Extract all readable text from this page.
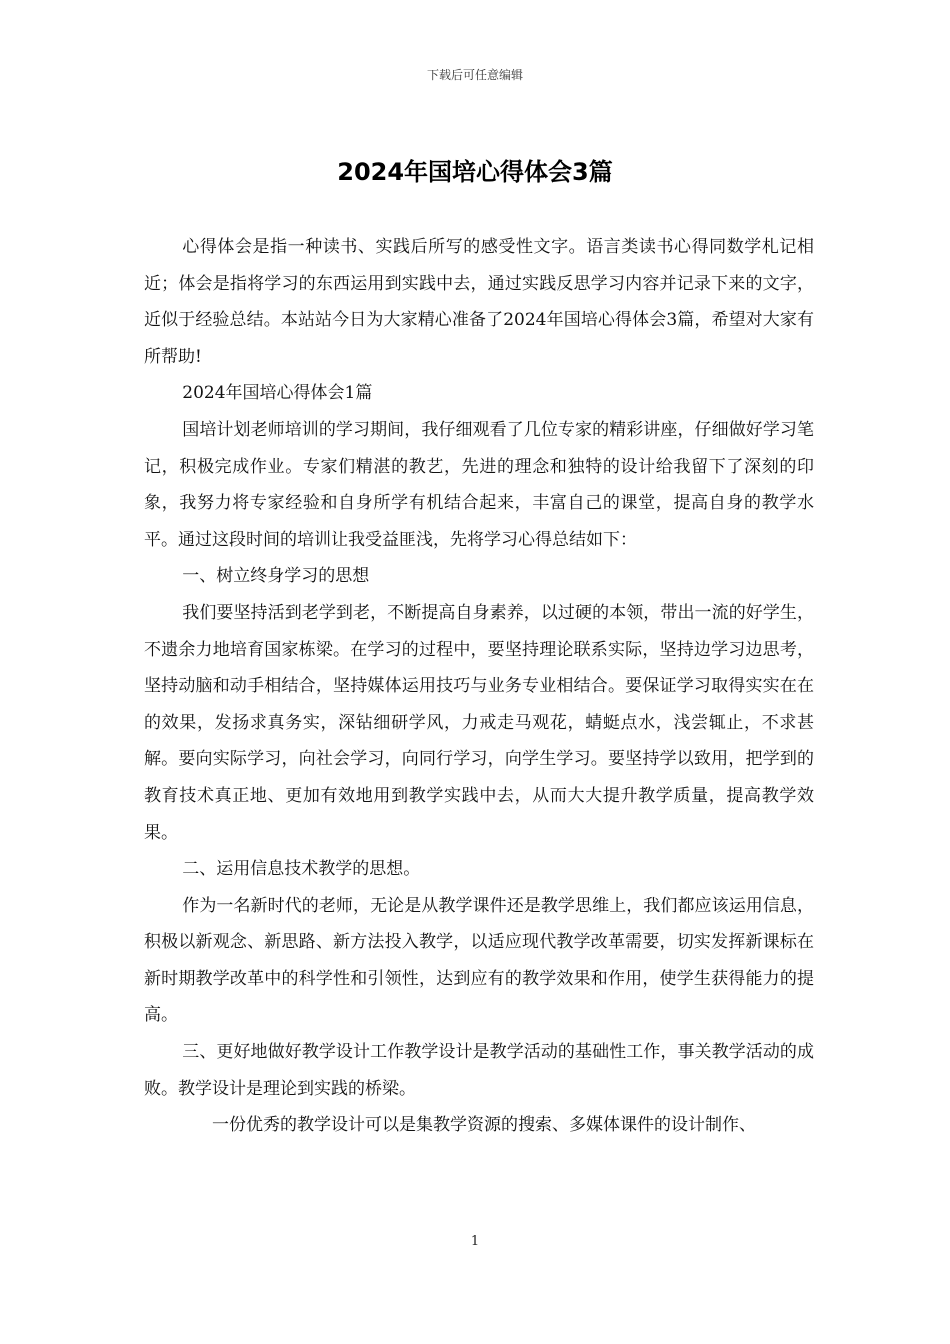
下载后可任意编辑
2024年国培心得体会3篇

心得体会是指一种读书、实践后所写的感受性文字。语言类读书心得同数学札记相近；体会是指将学习的东西运用到实践中去，通过实践反思学习内容并记录下来的文字，近似于经验总结。本站站今日为大家精心准备了2024年国培心得体会3篇，希望对大家有所帮助!

2024年国培心得体会1篇

国培计划老师培训的学习期间，我仔细观看了几位专家的精彩讲座，仔细做好学习笔记，积极完成作业。专家们精湛的教艺，先进的理念和独特的设计给我留下了深刻的印象，我努力将专家经验和自身所学有机结合起来，丰富自己的课堂，提高自身的教学水平。通过这段时间的培训让我受益匪浅，先将学习心得总结如下：

一、树立终身学习的思想

我们要坚持活到老学到老，不断提高自身素养，以过硬的本领，带出一流的好学生，不遗余力地培育国家栋梁。在学习的过程中，要坚持理论联系实际，坚持边学习边思考，坚持动脑和动手相结合，坚持媒体运用技巧与业务专业相结合。要保证学习取得实实在在的效果，发扬求真务实，深钻细研学风，力戒走马观花，蜻蜓点水，浅尝辄止，不求甚解。要向实际学习，向社会学习，向同行学习，向学生学习。要坚持学以致用，把学到的教育技术真正地、更加有效地用到教学实践中去，从而大大提升教学质量，提高教学效果。

二、运用信息技术教学的思想。

作为一名新时代的老师，无论是从教学课件还是教学思维上，我们都应该运用信息，积极以新观念、新思路、新方法投入教学，以适应现代教学改革需要，切实发挥新课标在新时期教学改革中的科学性和引领性，达到应有的教学效果和作用，使学生获得能力的提高。

三、更好地做好教学设计工作教学设计是教学活动的基础性工作，事关教学活动的成败。教学设计是理论到实践的桥梁。

一份优秀的教学设计可以是集教学资源的搜索、多媒体课件的设计制作、

1
